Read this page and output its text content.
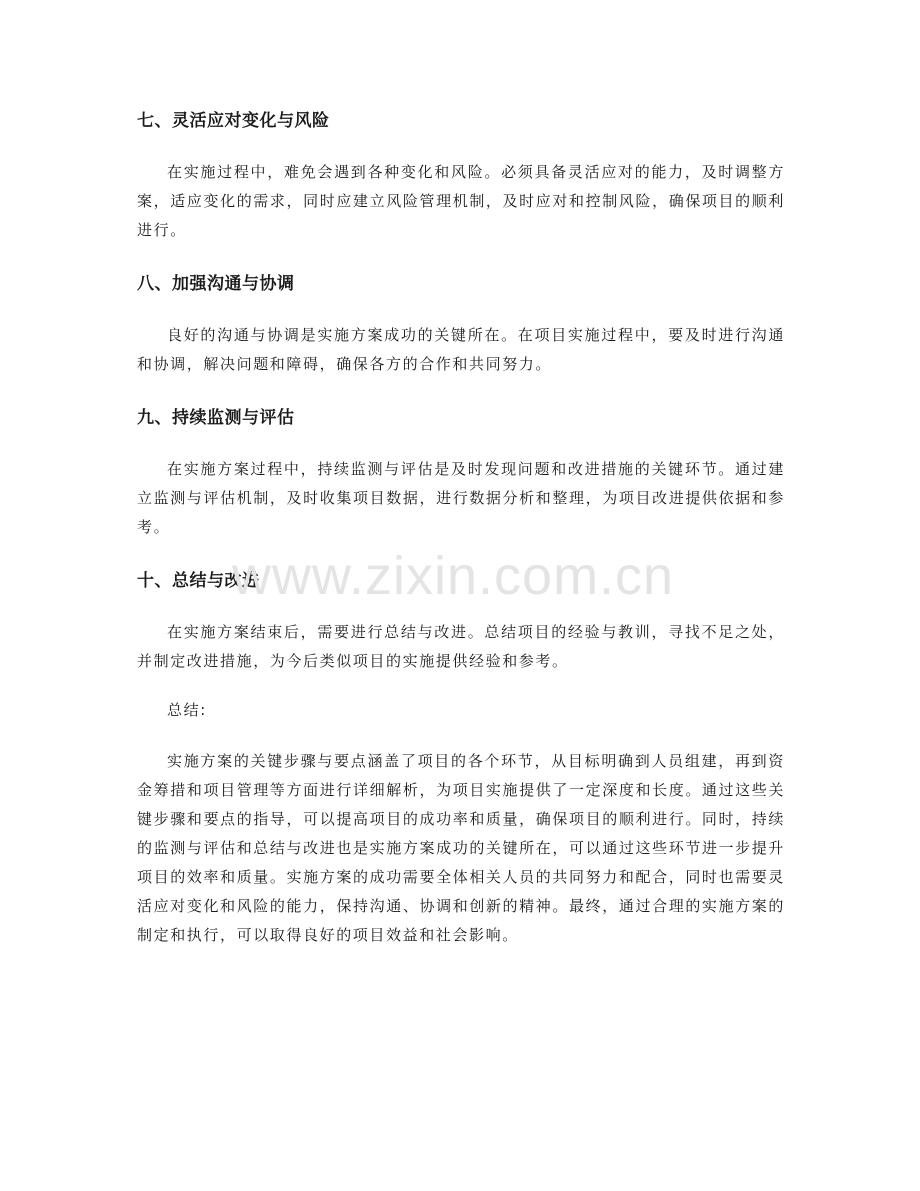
七、灵活应对变化与风险

在实施过程中，难免会遇到各种变化和风险。必须具备灵活应对的能力，及时调整方案，适应变化的需求，同时应建立风险管理机制，及时应对和控制风险，确保项目的顺利进行。

八、加强沟通与协调

良好的沟通与协调是实施方案成功的关键所在。在项目实施过程中，要及时进行沟通和协调，解决问题和障碍，确保各方的合作和共同努力。

九、持续监测与评估

在实施方案过程中，持续监测与评估是及时发现问题和改进措施的关键环节。通过建立监测与评估机制，及时收集项目数据，进行数据分析和整理，为项目改进提供依据和参考。

十、总结与改进

在实施方案结束后，需要进行总结与改进。总结项目的经验与教训，寻找不足之处，并制定改进措施，为今后类似项目的实施提供经验和参考。

总结:

实施方案的关键步骤与要点涵盖了项目的各个环节，从目标明确到人员组建，再到资金筹措和项目管理等方面进行详细解析，为项目实施提供了一定深度和长度。通过这些关键步骤和要点的指导，可以提高项目的成功率和质量，确保项目的顺利进行。同时，持续的监测与评估和总结与改进也是实施方案成功的关键所在，可以通过这些环节进一步提升项目的效率和质量。实施方案的成功需要全体相关人员的共同努力和配合，同时也需要灵活应对变化和风险的能力，保持沟通、协调和创新的精神。最终，通过合理的实施方案的制定和执行，可以取得良好的项目效益和社会影响。

www.zixin.com.cn
